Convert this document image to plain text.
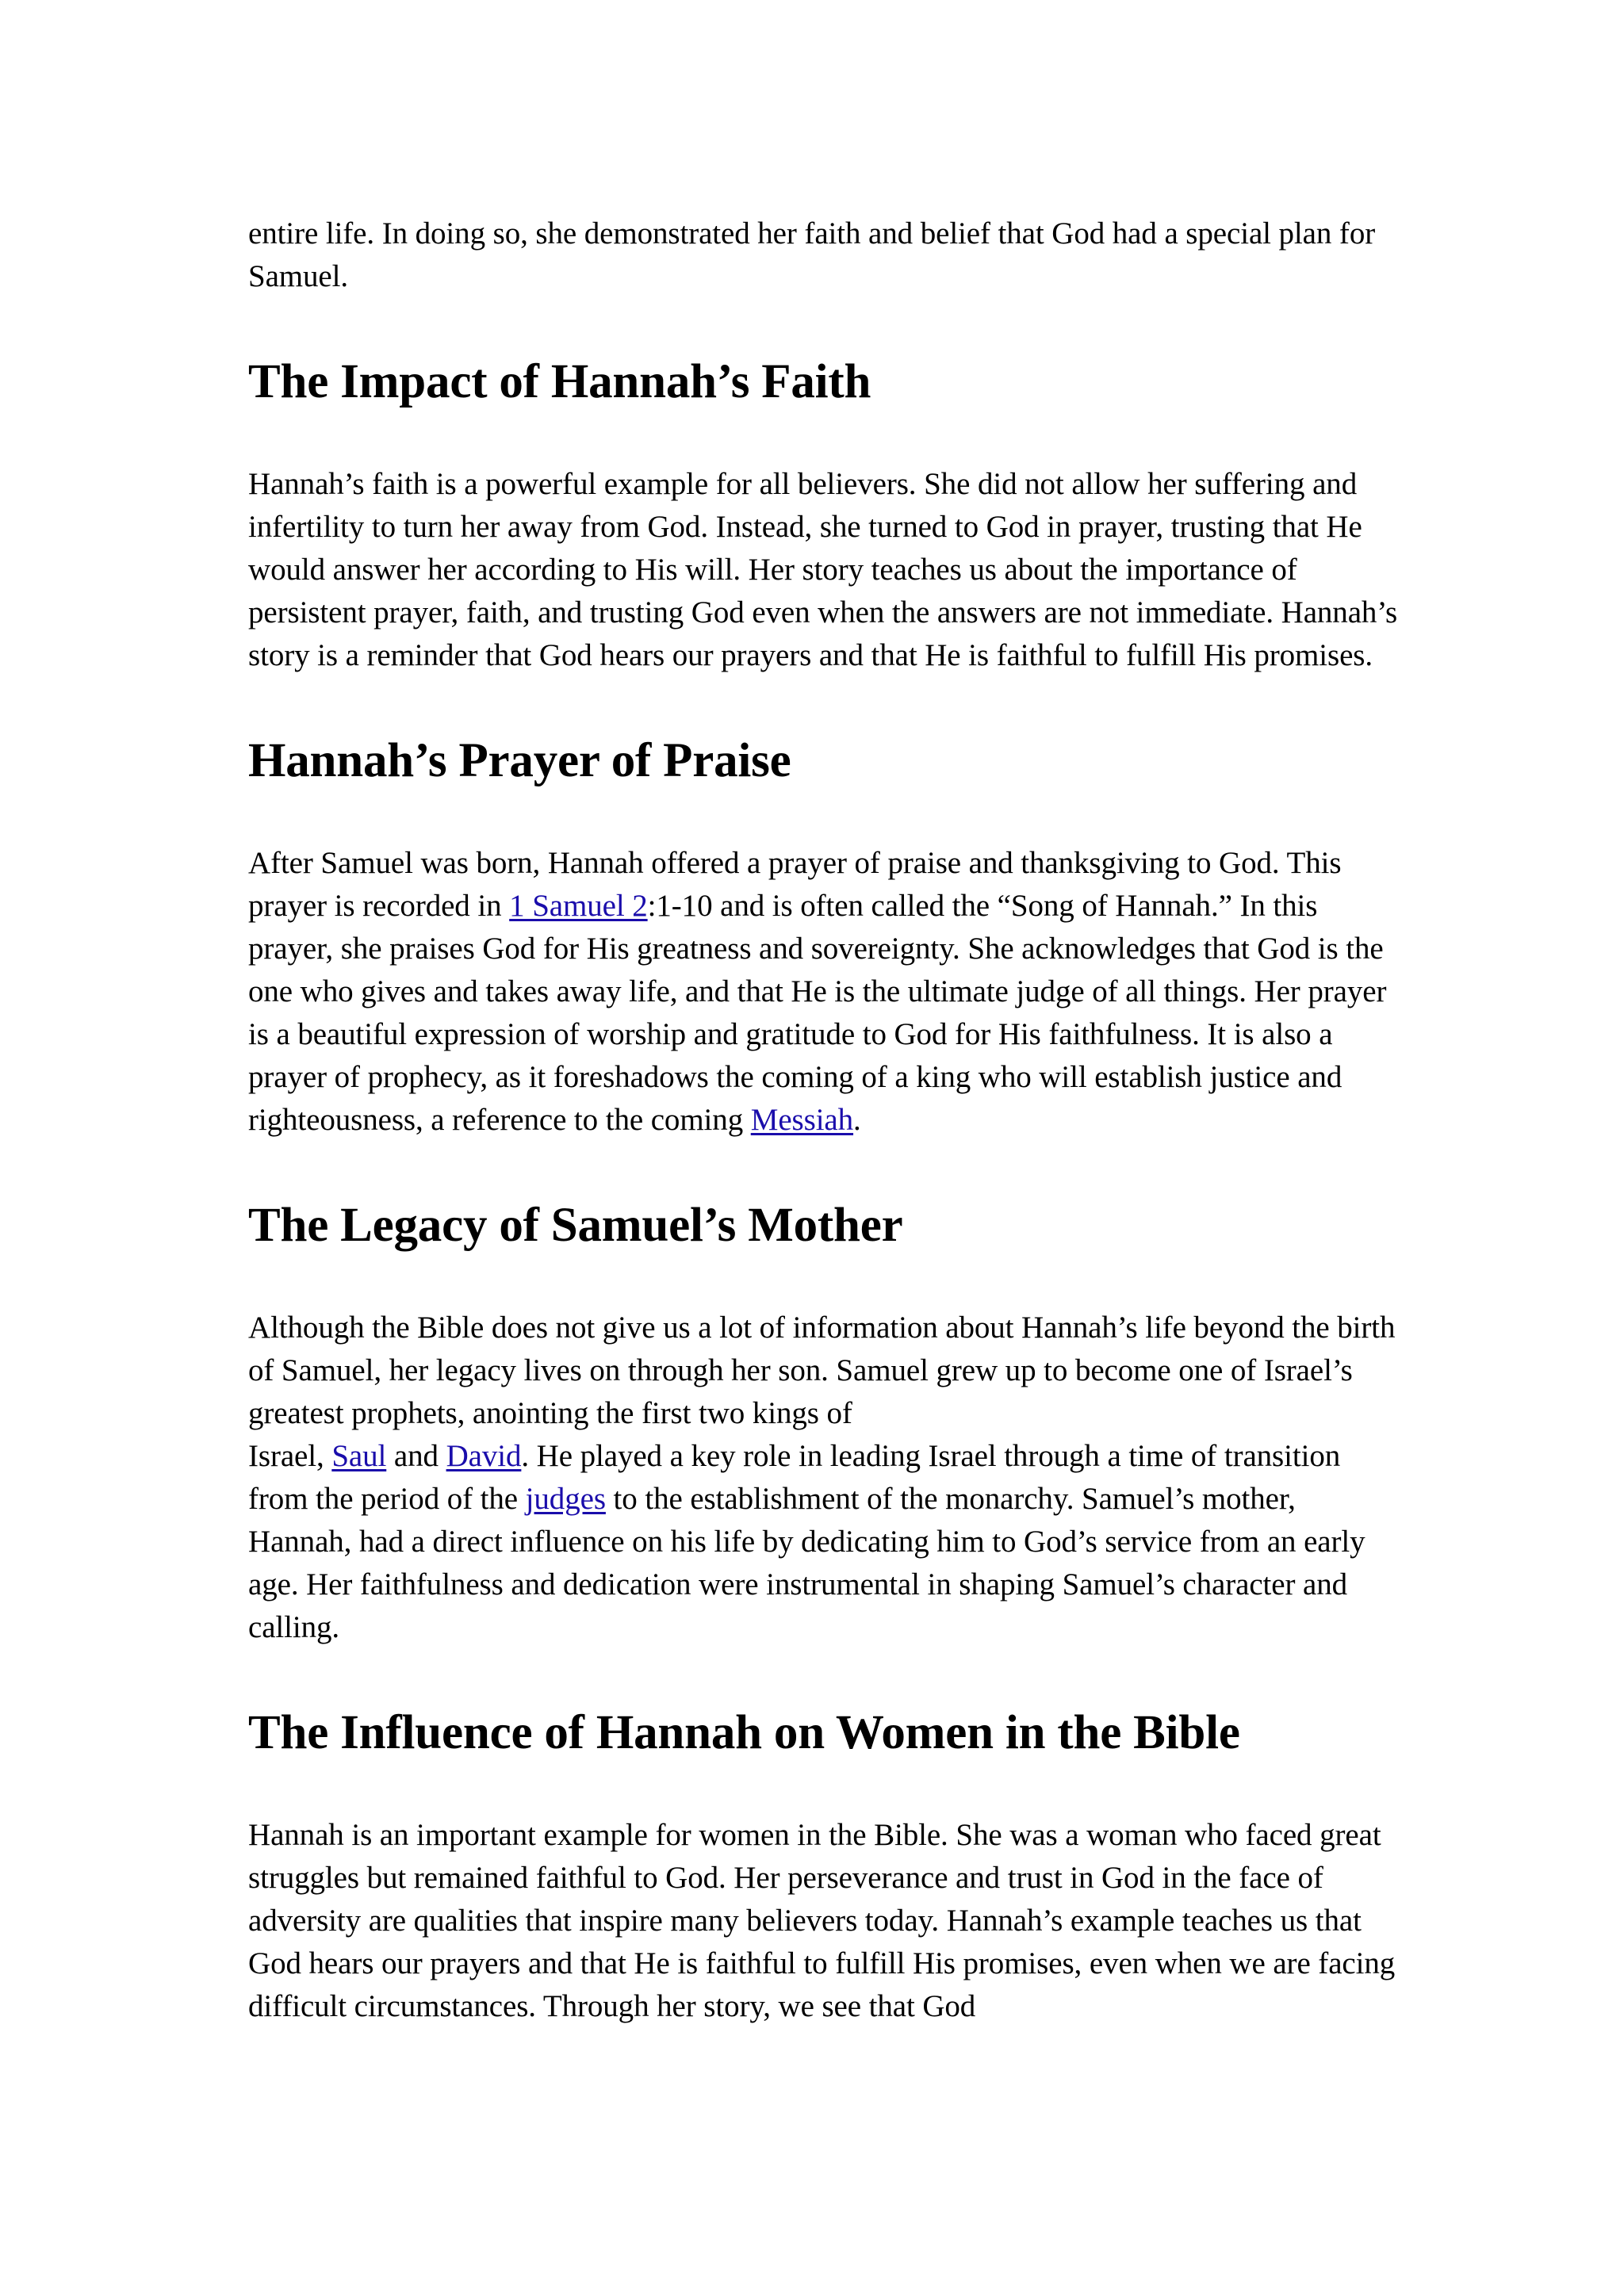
entire life. In doing so, she demonstrated her faith and belief that God had a special plan for Samuel.

The Impact of Hannah’s Faith

Hannah’s faith is a powerful example for all believers. She did not allow her suffering and infertility to turn her away from God. Instead, she turned to God in prayer, trusting that He would answer her according to His will. Her story teaches us about the importance of persistent prayer, faith, and trusting God even when the answers are not immediate. Hannah’s story is a reminder that God hears our prayers and that He is faithful to fulfill His promises.

Hannah’s Prayer of Praise

After Samuel was born, Hannah offered a prayer of praise and thanksgiving to God. This prayer is recorded in 1 Samuel 2:1-10 and is often called the “Song of Hannah.” In this prayer, she praises God for His greatness and sovereignty. She acknowledges that God is the one who gives and takes away life, and that He is the ultimate judge of all things. Her prayer is a beautiful expression of worship and gratitude to God for His faithfulness. It is also a prayer of prophecy, as it foreshadows the coming of a king who will establish justice and righteousness, a reference to the coming Messiah.

The Legacy of Samuel’s Mother

Although the Bible does not give us a lot of information about Hannah’s life beyond the birth of Samuel, her legacy lives on through her son. Samuel grew up to become one of Israel’s greatest prophets, anointing the first two kings of
Israel, Saul and David. He played a key role in leading Israel through a time of transition from the period of the judges to the establishment of the monarchy. Samuel’s mother, Hannah, had a direct influence on his life by dedicating him to God’s service from an early age. Her faithfulness and dedication were instrumental in shaping Samuel’s character and calling.

The Influence of Hannah on Women in the Bible

Hannah is an important example for women in the Bible. She was a woman who faced great struggles but remained faithful to God. Her perseverance and trust in God in the face of adversity are qualities that inspire many believers today. Hannah’s example teaches us that God hears our prayers and that He is faithful to fulfill His promises, even when we are facing difficult circumstances. Through her story, we see that God
